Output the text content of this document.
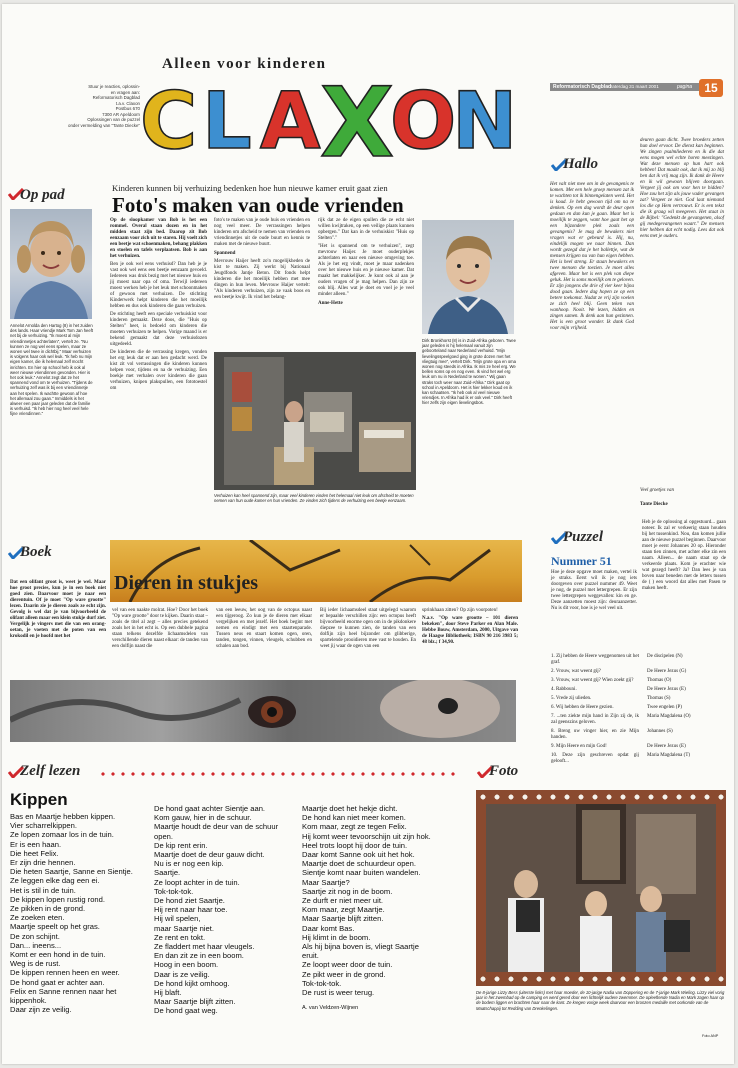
Stuur je reacties, oplossin-
en vragen aan:
Reformatorisch Dagblad
t.a.v. Claxon
Postbus 670
7300 AR Apeldoorn
Oplossingen van de puzzel
onder vermelding van "Tante Diecke"
Alleen voor kinderen
C L A X
O
N	Reformatorisch Dagblad
zaterdag 31 maart 2001	pagina	15
Op pad	Kinderen kunnen bij verhuizing bedenken hoe hun nieuwe kamer eruit gaat zien
Foto's maken van oude vrienden
Annelot Arnolda den Hartog (8) in het zuiden des lands. Haar vriendje Mark Tom Jan heeft net bij de verhuizing. "Ik moest al mijn vriendinnetjes achterlaten", vertelt ze. "Nu kunnen ze nog wel eens spelen, maar ze wonen wel twee in dichtbij." Maar verhuizen is volgens haar ook wel leuk. "Ik heb nu mijn eigen kamer, die ik helemaal zelf mocht inrichten. En hier op school heb ik ook al weer nieuwe vriendinnen gevonden. Hier is het ook leuk." Annelot zegt dat ze het spannend vond om te verhuizen. "Tijdens de verhuizing zelf was ik bij een vriendinnetje aan het spelen. Ik wachtte gewoon af hoe het allemaal zou gaan." Inmiddels is het alweer een paar jaar geleden dat de familie is verhuisd. "Ik heb hier nog heel veel hele fijne vriendinnen."

Op de sloopkamer van Bob is het een rommel. Overal staan dozen en in het midden staat zijn bed. Daarop zit Bob eenzaam voor zich uit te staren. Hij voelt zich een beetje wat schoenmaken, behang plakken en stoelen en tafels verplaatsen. Bob is aan het verhuizen.

Ben je ook wel eens verhuisd? Dan heb je je vast ook wel eens een beetje eenzaam gevoeld. Iedereen was druk bezig met het nieuwe huis en jij moest naar opa of oma. Terwijl iedereen moest werken heb je het leuk met schoonmaken of gewoon met verhuizen. De stichting Kinderwerk helpt kinderen die het moeilijk hebben en dus ook kinderen die gaan verhuizen.

De stichting heeft een speciale verhuiskist voor kinderen gemaakt. Deze doos, die "Huis op Stelten" heet, is bedoeld om kinderen die moeten verhuizen te helpen. Vorige maand is er bekend gemaakt dat deze verhuisdozen uitgedeeld.

De kinderen die de verrassing kregen, vonden het erg leuk dat er aan hen gedacht werd. De kist zit vol verrassingen die kinderen kunnen helpen voor, tijdens en na de verhuizing. Een boekje met verhalen over kinderen die gaan verhuizen, knipen plakspullen, een fototoestel om

foto's te maken van je oude huis en vrienden en nog veel meer. De verrassingen helpen kinderen om afscheid te nemen van vrienden en vriendinnetjes uit de oude buurt en kennis te maken met de nieuwe buurt.

Spannend

Mevrouw Haijer heeft zo'n mogelijkheden de kist te maken. Zij werkt bij Nationaal Jeugdfonds Jantje Beton. Dit fonds helpt kinderen die het moeilijk hebben met mee dingen in hun leven. Mevrouw Haijer vertelt: "Als kinderen verhuizen, zijn ze vaak boos en een beetje kwijt. Ik vind het belang-

rijk dat ze de eigen spullen die ze echt niet willen kwijtraken, op een veilige plaats kunnen opbergen." Dat kan in de verhuiskist "Huis op Stelten"."

"Het is spannend om te verhuizen", zegt mevrouw Haijer. Je moet ouderplekjes achterlaten en naar een nieuwe omgeving toe. Als je het erg vindt, moet je maar nadenken over het nieuwe huis en je nieuwe kamer. Dat maakt het makkelijker. Je kunt ook al aan je ouders vragen of je mag helpen. Dan zijn ze ook blij. Alles wat je doet en voel je je veel minder alleen."

Anne-Hette

Verhuizen kan heel spannend zijn, maar veel kinderen vinden het helemaal niet leuk om afscheid te moeten nemen van hun oude kamer en hun vrienden. Ze vinden zich tijdens de verhuizing een beetje eenzaam.
Dirk Bronkhorst (8) is in Zuid-Afrika geboren. Twee jaar geleden is hij helemaal vanuit zijn geboorteland naar Nederland verhuisd. "Mijn lievelingsspeelgoed ging in grote dozen met het vliegtuig mee", vertelt Dirk. "Mijn grote opa en oma wonen nog steeds in Afrika. Ik mis ze heel erg. We bellen soms op en nog even. Ik vind het wel erg leuk om nu in Nederland te wonen." Wij gaan straks toch weer naar Zuid-Afrika." Dirk gaat op school in Apeldoorn. Het is hier lekker koud en ik kan schaatsen. "Ik heb ook al veel nieuwe vriendjes. In Afrika had ik er ook veel." Dirk heeft hier zelfs zijn eigen lievelingsbos.
Hallo
Het valt niet mee om in de gevangenis te komen. Met een hele groep mensen zat ik te wachten tot ik binnengelaten werd. Het is koud. Je hebt gewoon tijd om na te denken. Op een dag wordt de deur open gedaan en dan kun je gaan. Maar het is moeilijk te zeggen, want hoe gaat het op een bijzondere plek zoals een gevangenis? Je mag de bewakers niet vragen wat er gebeurd is. Hij, nu, eindelijk mogen we naar binnen. Dan wordt gezegd dat je het ballettje, wat de mensen krijgen nu van hun eigen hebben. Het is heel streng. Er staan bewakers en twee mensen die toezien. Je moet alles afgeven. Maar het is een plek van diepe geluk. Het is soms moeilijk om te geloven. Er zijn jongens die drie of vier keer bijna dood gaan. Iedere dag hopen ze op een betere toekomst. Nadat ze vrij zijn voelen ze zich heel blij. Geen teken van wanhoop. Nooit. We lezen, bidden en zingen samen. Ik denk aan hun gezinnen. Het is een groot wonder. Ik dank God voor mijn vrijheid.
deuren gaan dicht. Twee broeders zetten hun doel ervoor. De dienst kan beginnen. We zingen psalmliederen en ik die dat eens mogen wel echte horen meezingen. Wat deze mensen op hun hart ook hebben! Dat maakt ook, dat ik mij zo blij ben dat ik vrij mag zijn. Ik dank de Heere en ik wil gewoon blijven doorgaan. Vergeet jij ook om voor hen te bidden? Hoe zou het zijn als jouw vader gevangen zat? Vergeet ze niet. God laat niemand los die op Hem vertrouwt. Er is een tekst die ik graag wil meegeven. Het staat in de Bijbel: "Gedenkt de gevangenen, alsof gij medegevangenen waart." De mensen hier hebben dat echt nodig. Lees dat ook eens met je ouders.
Veel groetjes van
Tante Diecke
Boek
Dieren in stukjes
Dat een olifant groot is, weet je wel. Maar hoe groot precies, kun je in een boek niet goed zien. Daarvoor moet je naar een dierentuin. Of je moet "Op ware grootte" lezen. Daarin zie je dieren zoals ze echt zijn. Gevolg is wel dat je van bijvoorbeeld de olifant alleen maar een klein stukje durf ziet. Vergelijk je vingers met die van een orang-oetan, je voeten met de poten van een krokodil en je hoofd met het
vel van een naakte molrat. Hoe? Door het boek "Op ware grootte" door te kijken. Daarin staat – zoals de titel al zegt – alles precies getekend zoals het in het echt is. Op een dubbele pagina staan telkens dezelfde lichaamsdelen van verschillende dieren naast elkaar: de tanden van een dolfijn naast die
van een leeuw, het oog van de octopus naast een tijgeroog. Zo kun je de dieren met elkaar vergelijken en met jezelf. Het boek begint met nemen en eindigt met een staartenparade. Tussen neus en staart komen ogen, oren, tanden, tongen, vinnen, vleugels, schubben en schalen aan bod.
Bij ieder lichaamsdeel staat uitgelegd waarom er bepaalde verschillen zijn: een octopus heeft bijvoorbeeld enorme ogen om in de pikdonkere diepzee te kunnen zien, de tanden van een dolfijn zijn heel bijzonder om glibberige, spartelende prooidieren mee vast te houden. En weet jij waar de ogen van een

sprinkhaan zitten? Op zijn voorpoten!

N.a.v. "Op ware grootte – 101 dieren bekeken", door Steve Parker en Alan Male. Hebbe Bouw, Amsterdam, 2000, Uitgave van de Haagse Bibliotheek; ISBN 90 216 3983 5; 48 blz.; f 34,90.

Puzzel
Nummer 51
Hoe je deze opgave moet maken, vertel ik je straks. Eerst wil ik je nog iets doorgeven over puzzel nummer 49. Weet je nog, de puzzel met lettergrepen. Er zijn twee lettergrepen weggevallen: kin en ge. Deze aanzetten moest zijn: deuraanzetter. Nu is dit voor, hoe is je wel veel uit.
Heb je de oplossing al opgestuurd... gaan noteer. Ik zal er verkeerig staan houden bij het tussenkind. Nou, dan komen jullie aan de nieuwe puzzel beginnen. Daarvoor moet je eerst Johannes 20 op. Hieronder staan tien zinnen, met achter elke zin een naam. Alleen... de naam staat op de verkeerde plaats. Kom je erachter wie wat gezegd heeft? Ja? Dan lees je van boven naar beneden met de letters tussen de ( ) een woord dat alles met Pasen te maken heeft.
1. Zij hebben de Heere weggenomen uit het graf.
De discipelen (N)
2. Vrouw, wat weent gij?	De Heere Jezus (G)
3. Vrouw, wat weent gij? Wien zoekt gij?	Thomas (O)
4. Rabbouni.	De Heere Jezus (E)
5. Vrede zij ulieden.	Thomas (S)
6. Wij hebben de Heere gezien.	Twee engelen (P)
7. ...ten ziekte mijn hand in Zijn zij de, ik zal geenszins geloven.
Maria Magdalena (O)
8. Breng uw vinger hier, en zie Mijn handen.
Johannes (S)
9. Mijn Heere en mijn God!	De Heere Jezus (E)
10. Deze zijn geschreven opdat gij gelooft...
Maria Magdalena (T)
Zelf lezen
Kippen
Bas en Maartje hebben kippen.
Vier scharrelkippen.
Ze lopen zomaar los in de tuin.
Er is een haan.
Die heet Felix.
Er zijn drie hennen.
Die heten Saartje, Sanne en Sientje.
Ze leggen elke dag een ei.
Het is stil in de tuin.
De kippen lopen rustig rond.
Ze pikken in de grond.
Ze zoeken eten.
Maartje speelt op het gras.
De zon schijnt.
Dan... ineens...
Komt er een hond in de tuin.
Weg is de rust.
De kippen rennen heen en weer.
De hond gaat er achter aan.
Felix en Sanne rennen naar het
kippenhok.
Daar zijn ze veilig.
De hond gaat achter Sientje aan.
Kom gauw, hier in de schuur.
Maartje houdt de deur van de schuur
open.
De kip rent erin.
Maartje doet de deur gauw dicht.
Nu is er nog een kip.
Saartje.
Ze loopt achter in de tuin.
Tok-tok-tok.
De hond ziet Saartje.
Hij rent naar haar toe.
Hij wil spelen,
maar Saartje niet.
Ze rent en tokt.
Ze fladdert met haar vleugels.
En dan zit ze in een boom.
Hoog in een boom.
Daar is ze veilig.
De hond kijkt omhoog.
Hij blaft.
Maar Saartje blijft zitten.
De hond gaat weg.
Maartje doet het hekje dicht.
De hond kan niet meer komen.
Kom maar, zegt ze tegen Felix.
Hij komt weer tevoorschijn uit zijn hok.
Heel trots loopt hij door de tuin.
Daar komt Sanne ook uit het hok.
Maartje doet de schuurdeur open.
Sientje komt naar buiten wandelen.
Maar Saartje?
Saartje zit nog in de boom.
Ze durft er niet meer uit.
Kom maar, zegt Maartje.
Maar Saartje blijft zitten.
Daar komt Bas.
Hij klimt in de boom.
Als hij bijna boven is, vliegt Saartje
eruit.
Ze loopt weer door de tuin.
Ze pikt weer in de grond.
Tok-tok-tok.
De rust is weer terug.
A. van Veldzen-Wijnen
Foto
De 8-jarige Lizzy Bess (uiterste links) met haar moeder, de 10-jarige Nadia van Doppering en de 7-jarige Mark Wieling. Lizzy viel vorig jaar in het zwembad op de camping en werd gered door een lichtelijk oudere zwemmer. De opleeftende Nadia en Mark zagen haar op de bodem liggen en brachten haar naar de kant. Ze kregen vorige week daarvoor een bronzen medaille met oorkonde van de Maatschappij tot Redding van Drenkelingen.
Foto ANP
